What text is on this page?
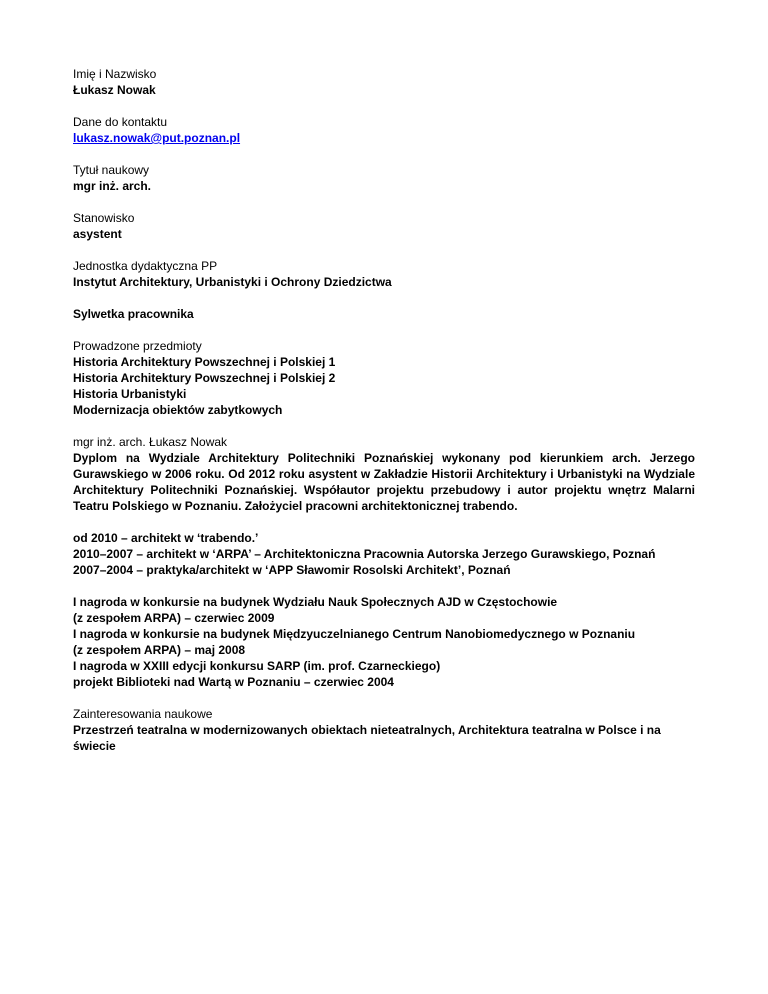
Imię i Nazwisko
Łukasz Nowak
Dane do kontaktu
lukasz.nowak@put.poznan.pl
Tytuł naukowy
mgr inż. arch.
Stanowisko
asystent
Jednostka dydaktyczna PP
Instytut Architektury, Urbanistyki i Ochrony Dziedzictwa
Sylwetka pracownika
Prowadzone przedmioty
Historia Architektury Powszechnej i Polskiej 1
Historia Architektury Powszechnej i Polskiej 2
Historia Urbanistyki
Modernizacja obiektów zabytkowych
mgr inż. arch. Łukasz Nowak
Dyplom na Wydziale Architektury Politechniki Poznańskiej wykonany pod kierunkiem arch. Jerzego Gurawskiego w 2006 roku. Od 2012 roku asystent w Zakładzie Historii Architektury i Urbanistyki na Wydziale Architektury Politechniki Poznańskiej. Współautor projektu przebudowy i autor projektu wnętrz Malarni Teatru Polskiego w Poznaniu. Założyciel pracowni architektonicznej trabendo.
od 2010 – architekt w ‘trabendo.’
2010–2007 – architekt w ‘ARPA’ – Architektoniczna Pracownia Autorska Jerzego Gurawskiego, Poznań
2007–2004 – praktyka/architekt w ‘APP Sławomir Rosolski Architekt’, Poznań
I nagroda w konkursie na budynek Wydziału Nauk Społecznych AJD w Częstochowie
(z zespołem ARPA) – czerwiec 2009
I nagroda w konkursie na budynek Międzyuczelnianego Centrum Nanobiomedycznego w Poznaniu
(z zespołem ARPA) – maj 2008
I nagroda w XXIII edycji konkursu SARP (im. prof. Czarneckiego)
projekt Biblioteki nad Wartą w Poznaniu – czerwiec 2004
Zainteresowania naukowe
Przestrzeń teatralna w modernizowanych obiektach nieteatralnych, Architektura teatralna w Polsce i na świecie
